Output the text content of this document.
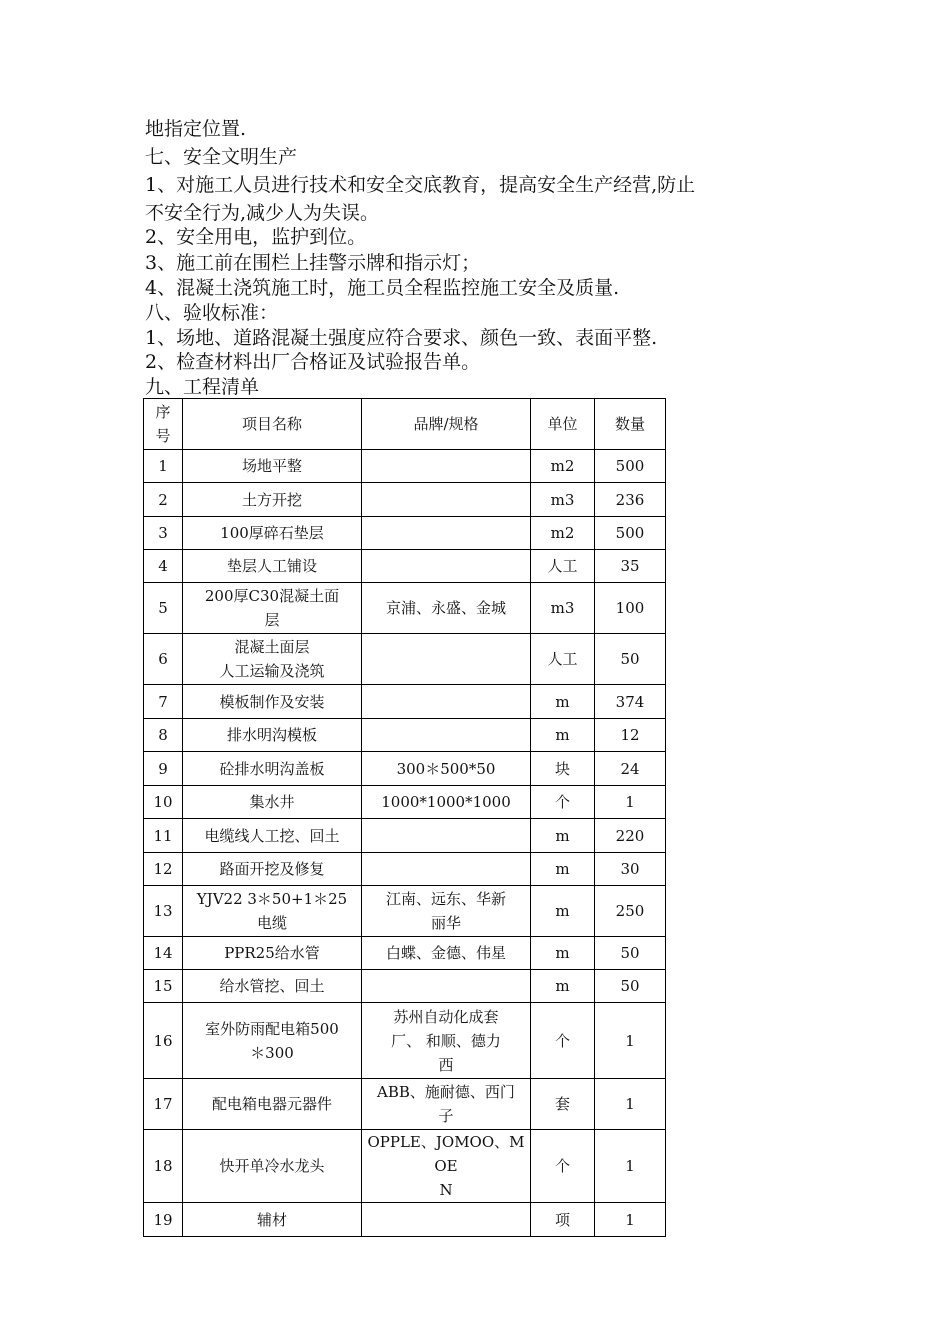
地指定位置.
七、安全文明生产
1、对施工人员进行技术和安全交底教育，提高安全生产经营,防止
不安全行为,减少人为失误。
2、安全用电，监护到位。
3、施工前在围栏上挂警示牌和指示灯；
4、混凝土浇筑施工时，施工员全程监控施工安全及质量.
八、验收标准：
1、场地、道路混凝土强度应符合要求、颜色一致、表面平整.
2、检查材料出厂合格证及试验报告单。
九、工程清单
序
号	项目名称	品牌/规格	单位	数量
1	场地平整		m2	500
2	土方开挖		m3	236
3	100厚碎石垫层		m2	500
4	垫层人工铺设		人工	35
5	200厚C30混凝土面
层	京浦、永盛、金城	m3	100
6	混凝土面层
人工运输及浇筑		人工	50
7	模板制作及安装		m	374
8	排水明沟模板		m	12
9	砼排水明沟盖板	300＊500*50	块	24
10	集水井	1000*1000*1000	个	1
11	电缆线人工挖、回土		m	220
12	路面开挖及修复		m	30
13	YJV22 3＊50+1＊25
电缆	江南、远东、华新
丽华	m	250
14	PPR25给水管	白蝶、金德、伟星	m	50
15	给水管挖、回土		m	50
16	室外防雨配电箱500
＊300	苏州自动化成套
厂、 和顺、德力
西	个	1
17	配电箱电器元器件	ABB、施耐德、西门
子	套	1
18	快开单冷水龙头	OPPLE、JOMOO、MOE
N	个	1
19	辅材		项	1
